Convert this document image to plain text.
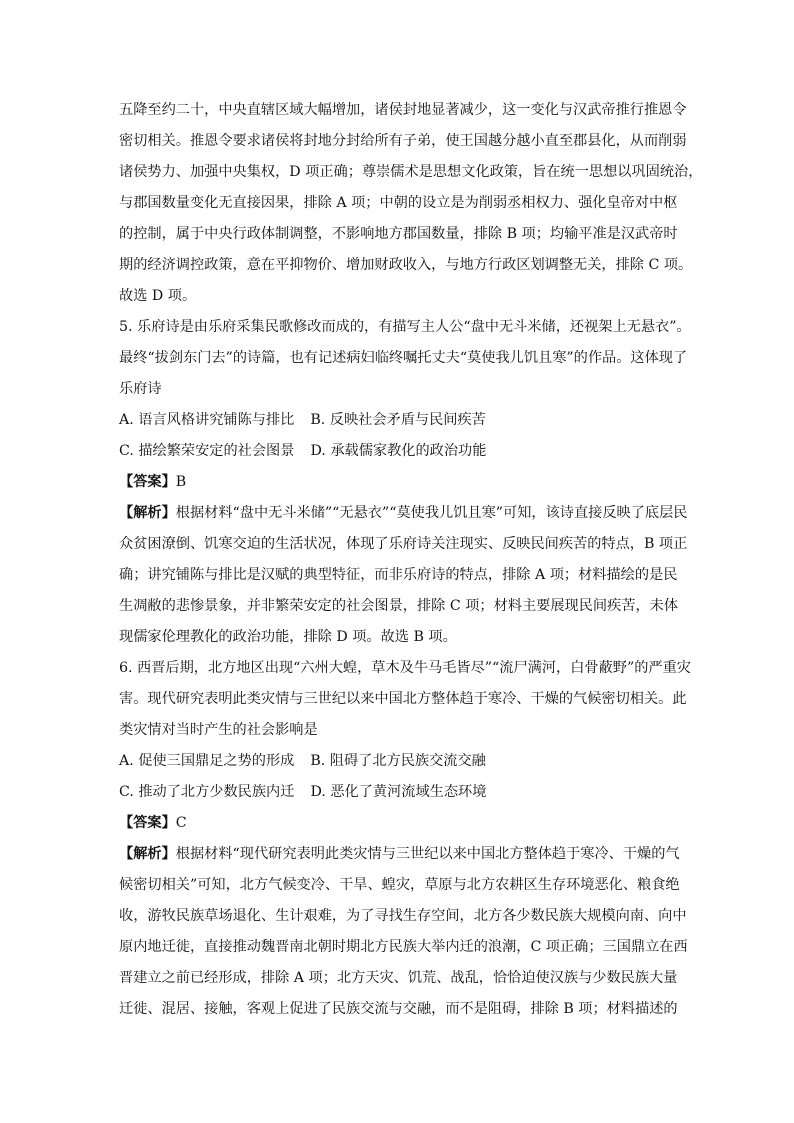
五降至约二十，中央直辖区域大幅增加，诸侯封地显著减少，这一变化与汉武帝推行推恩令
密切相关。推恩令要求诸侯将封地分封给所有子弟，使王国越分越小直至郡县化，从而削弱
诸侯势力、加强中央集权，D 项正确；尊崇儒术是思想文化政策，旨在统一思想以巩固统治，
与郡国数量变化无直接因果，排除 A 项；中朝的设立是为削弱丞相权力、强化皇帝对中枢
的控制，属于中央行政体制调整，不影响地方郡国数量，排除 B 项；均输平准是汉武帝时
期的经济调控政策，意在平抑物价、增加财政收入，与地方行政区划调整无关，排除 C 项。
故选 D 项。
5. 乐府诗是由乐府采集民歌修改而成的，有描写主人公“盘中无斗米储，还视架上无悬衣”。
最终“拔剑东门去”的诗篇，也有记述病妇临终嘱托丈夫“莫使我儿饥且寒”的作品。这体现了
乐府诗
A. 语言风格讲究铺陈与排比 B. 反映社会矛盾与民间疾苦
C. 描绘繁荣安定的社会图景 D. 承载儒家教化的政治功能
【答案】B
【解析】根据材料“盘中无斗米储”“无悬衣”“莫使我儿饥且寒”可知，该诗直接反映了底层民
众贫困潦倒、饥寒交迫的生活状况，体现了乐府诗关注现实、反映民间疾苦的特点，B 项正
确；讲究铺陈与排比是汉赋的典型特征，而非乐府诗的特点，排除 A 项；材料描绘的是民
生凋敝的悲惨景象，并非繁荣安定的社会图景，排除 C 项；材料主要展现民间疾苦，未体
现儒家伦理教化的政治功能，排除 D 项。故选 B 项。
6. 西晋后期，北方地区出现“六州大蝗，草木及牛马毛皆尽”“流尸满河，白骨蔽野”的严重灾
害。现代研究表明此类灾情与三世纪以来中国北方整体趋于寒冷、干燥的气候密切相关。此
类灾情对当时产生的社会影响是
A. 促使三国鼎足之势的形成 B. 阻碍了北方民族交流交融
C. 推动了北方少数民族内迁 D. 恶化了黄河流域生态环境
【答案】C
【解析】根据材料“现代研究表明此类灾情与三世纪以来中国北方整体趋于寒冷、干燥的气
候密切相关”可知，北方气候变冷、干旱、蝗灾，草原与北方农耕区生存环境恶化、粮食绝
收，游牧民族草场退化、生计艰难，为了寻找生存空间，北方各少数民族大规模向南、向中
原内地迁徙，直接推动魏晋南北朝时期北方民族大举内迁的浪潮，C 项正确；三国鼎立在西
晋建立之前已经形成，排除 A 项；北方天灾、饥荒、战乱，恰恰迫使汉族与少数民族大量
迁徙、混居、接触，客观上促进了民族交流与交融，而不是阻碍，排除 B 项；材料描述的
